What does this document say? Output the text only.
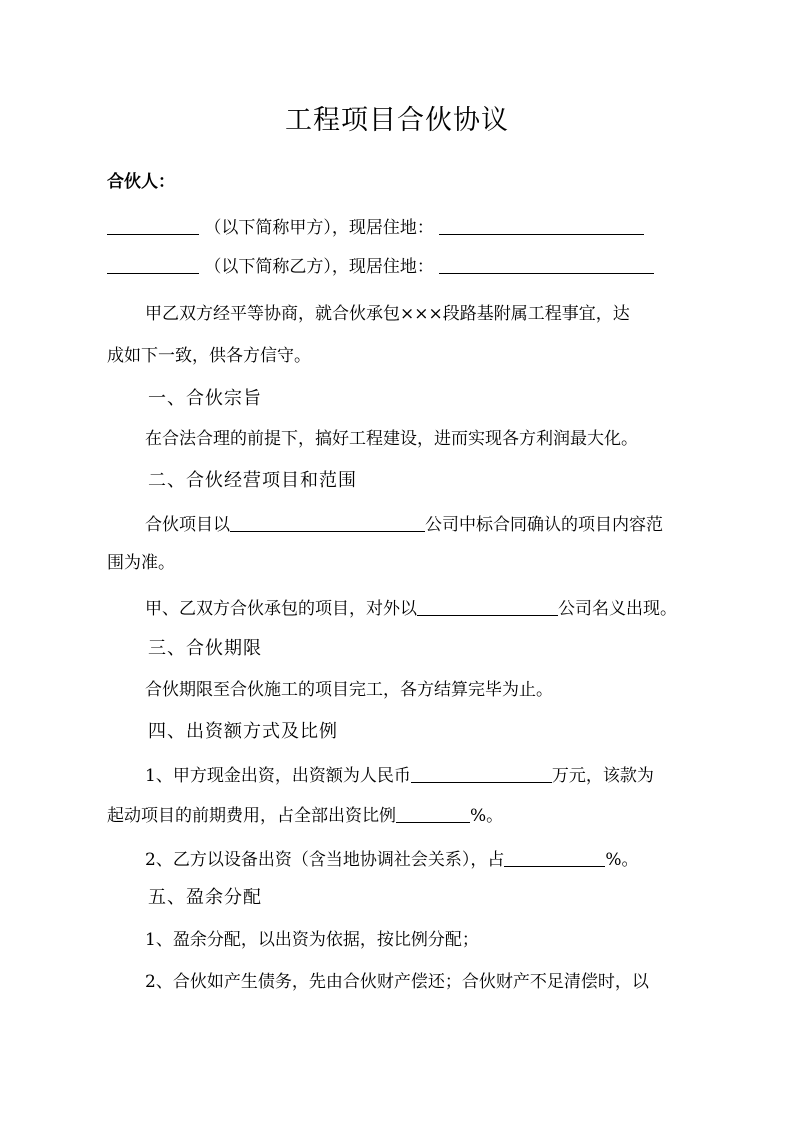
工程项目合伙协议
合伙人：
（以下简称甲方），现居住地：
（以下简称乙方），现居住地：
甲乙双方经平等协商，就合伙承包×××段路基附属工程事宜，达
成如下一致，供各方信守。
一、合伙宗旨
在合法合理的前提下，搞好工程建设，进而实现各方利润最大化。
二、合伙经营项目和范围
合伙项目以	公司中标合同确认的项目内容范
围为准。
甲、乙双方合伙承包的项目，对外以	公司名义出现。
三、合伙期限
合伙期限至合伙施工的项目完工，各方结算完毕为止。
四、出资额方式及比例
1、甲方现金出资，出资额为人民币	万元，该款为
起动项目的前期费用，占全部出资比例	%。
2、乙方以设备出资（含当地协调社会关系），占	%。
五、盈余分配
1、盈余分配，以出资为依据，按比例分配；
2、合伙如产生债务，先由合伙财产偿还；合伙财产不足清偿时，以
